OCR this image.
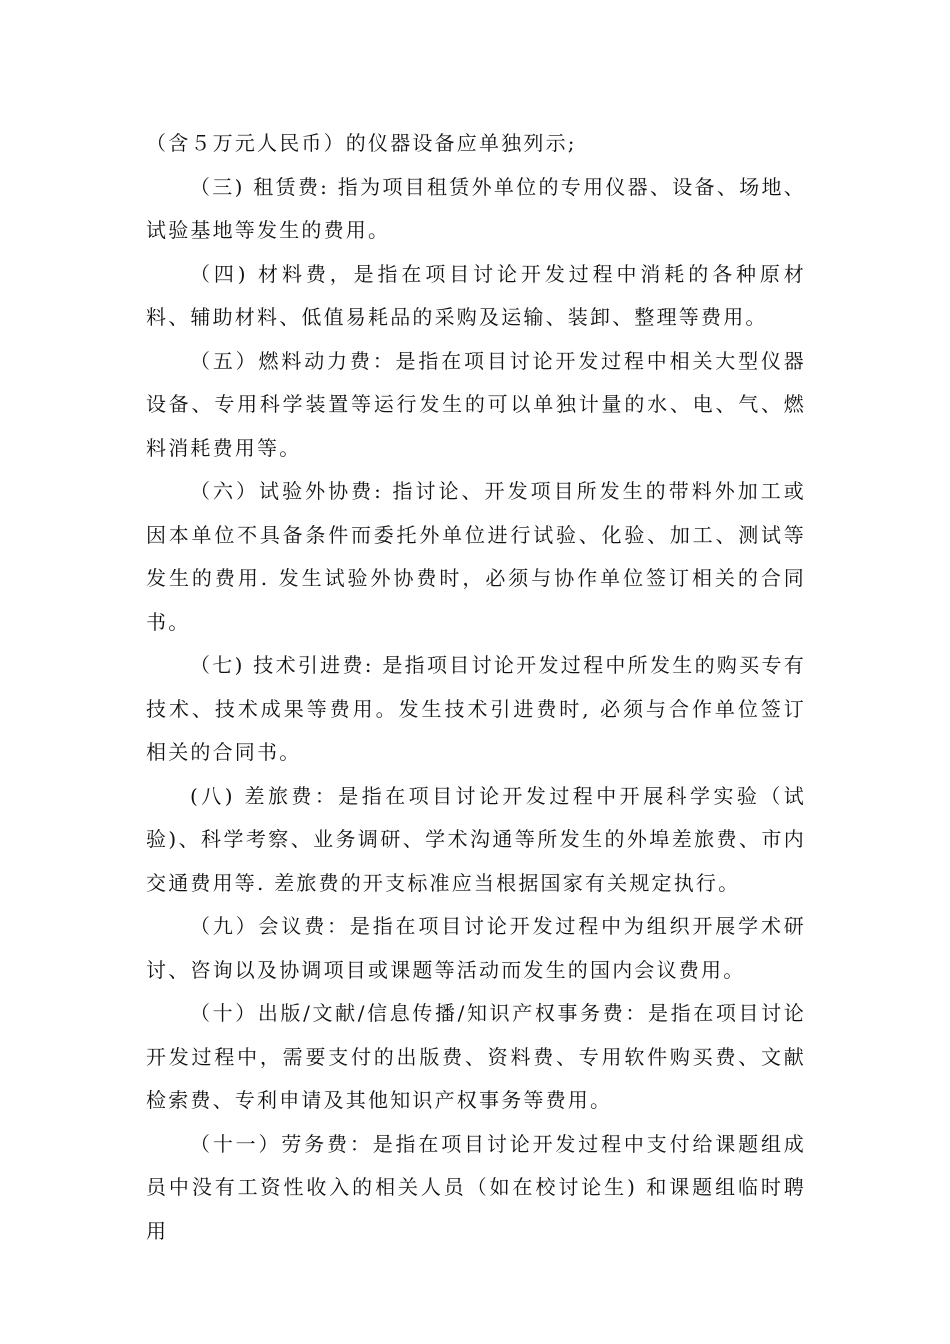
（含５万元人民币）的仪器设备应单独列示;

（三) 租赁费: 指为项目租赁外单位的专用仪器、设备、场地、试验基地等发生的费用。

（四) 材料费，是指在项目讨论开发过程中消耗的各种原材料、辅助材料、低值易耗品的采购及运输、装卸、整理等费用。

（五）燃料动力费：是指在项目讨论开发过程中相关大型仪器设备、专用科学装置等运行发生的可以单独计量的水、电、气、燃料消耗费用等。

（六）试验外协费: 指讨论、开发项目所发生的带料外加工或因本单位不具备条件而委托外单位进行试验、化验、加工、测试等发生的费用. 发生试验外协费时，必须与协作单位签订相关的合同书。

（七) 技术引进费: 是指项目讨论开发过程中所发生的购买专有技术、技术成果等费用。发生技术引进费时, 必须与合作单位签订相关的合同书。

(八) 差旅费：是指在项目讨论开发过程中开展科学实验（试验)、科学考察、业务调研、学术沟通等所发生的外埠差旅费、市内交通费用等. 差旅费的开支标准应当根据国家有关规定执行。

（九）会议费：是指在项目讨论开发过程中为组织开展学术研讨、咨询以及协调项目或课题等活动而发生的国内会议费用。

（十）出版/文献/信息传播/知识产权事务费：是指在项目讨论开发过程中，需要支付的出版费、资料费、专用软件购买费、文献检索费、专利申请及其他知识产权事务等费用。

（十一）劳务费：是指在项目讨论开发过程中支付给课题组成员中没有工资性收入的相关人员（如在校讨论生) 和课题组临时聘用
